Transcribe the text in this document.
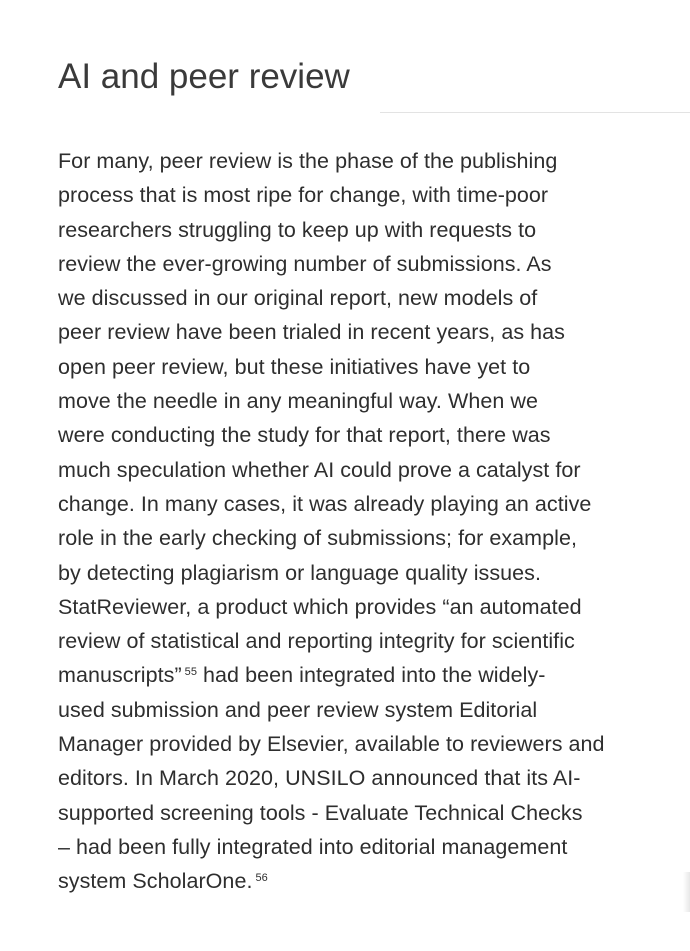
AI and peer review
For many, peer review is the phase of the publishing
process that is most ripe for change, with time-poor
researchers struggling to keep up with requests to
review the ever-growing number of submissions. As
we discussed in our original report, new models of
peer review have been trialed in recent years, as has
open peer review, but these initiatives have yet to
move the needle in any meaningful way. When we
were conducting the study for that report, there was
much speculation whether AI could prove a catalyst for
change. In many cases, it was already playing an active
role in the early checking of submissions; for example,
by detecting plagiarism or language quality issues.
StatReviewer, a product which provides “an automated
review of statistical and reporting integrity for scientific
manuscripts” $^{55}$ had been integrated into the widely-
used submission and peer review system Editorial
Manager provided by Elsevier, available to reviewers and
editors. In March 2020, UNSILO announced that its AI-
supported screening tools - Evaluate Technical Checks
– had been fully integrated into editorial management
system ScholarOne. $^{56}$
